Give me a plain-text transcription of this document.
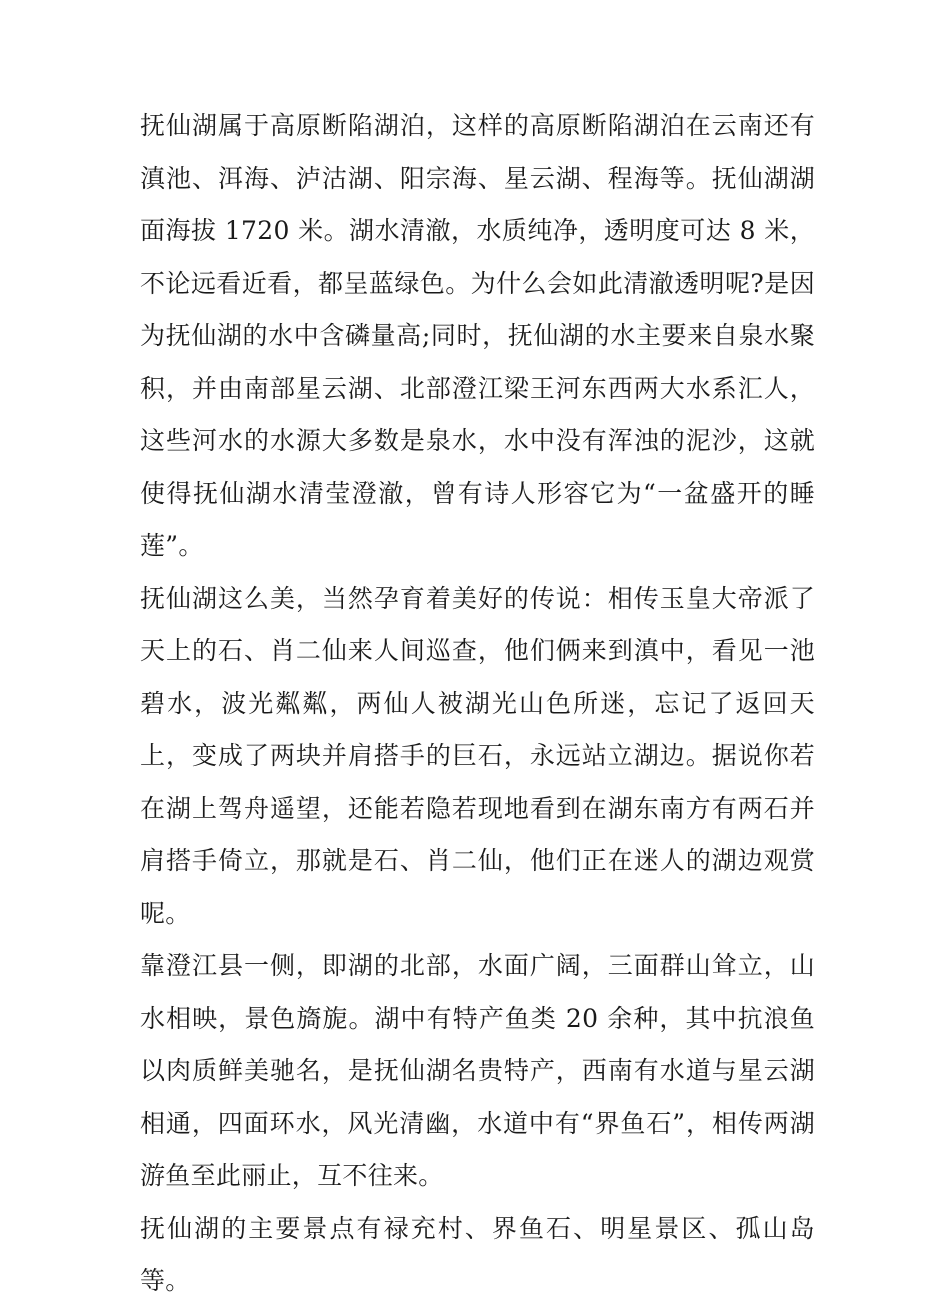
抚仙湖属于高原断陷湖泊，这样的高原断陷湖泊在云南还有滇池、洱海、泸沽湖、阳宗海、星云湖、程海等。抚仙湖湖面海拔 1720 米。湖水清澈，水质纯净，透明度可达 8 米，不论远看近看，都呈蓝绿色。为什么会如此清澈透明呢?是因为抚仙湖的水中含磷量高;同时，抚仙湖的水主要来自泉水聚积，并由南部星云湖、北部澄江梁王河东西两大水系汇人，这些河水的水源大多数是泉水，水中没有浑浊的泥沙，这就使得抚仙湖水清莹澄澈，曾有诗人形容它为“一盆盛开的睡莲”。

抚仙湖这么美，当然孕育着美好的传说：相传玉皇大帝派了天上的石、肖二仙来人间巡查，他们俩来到滇中，看见一池碧水，波光粼粼，两仙人被湖光山色所迷，忘记了返回天上，变成了两块并肩搭手的巨石，永远站立湖边。据说你若在湖上驾舟遥望，还能若隐若现地看到在湖东南方有两石并肩搭手倚立，那就是石、肖二仙，他们正在迷人的湖边观赏呢。

靠澄江县一侧，即湖的北部，水面广阔，三面群山耸立，山水相映，景色旖旎。湖中有特产鱼类 20 余种，其中抗浪鱼以肉质鲜美驰名，是抚仙湖名贵特产，西南有水道与星云湖相通，四面环水，风光清幽，水道中有“界鱼石”，相传两湖游鱼至此丽止，互不往来。

抚仙湖的主要景点有禄充村、界鱼石、明星景区、孤山岛等。
